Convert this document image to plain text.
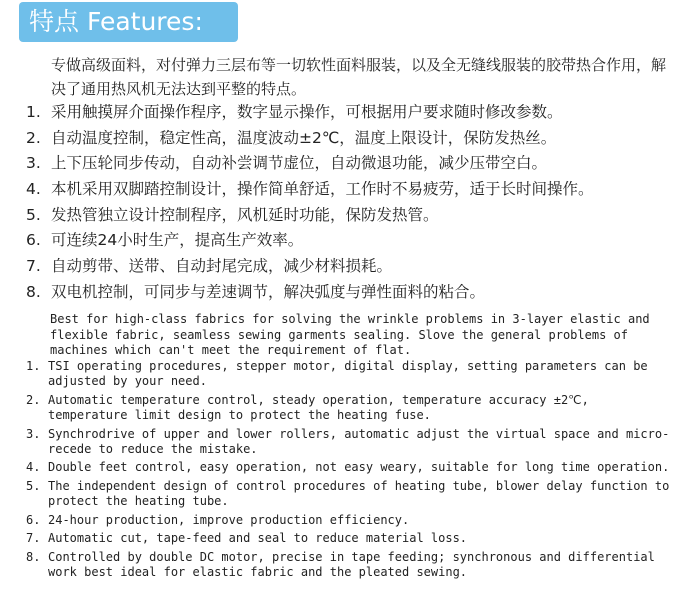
特点 Features:
专做高级面料，对付弹力三层布等一切软性面料服装，以及全无缝线服装的胶带热合作用，解决了通用热风机无法达到平整的特点。
1. 采用触摸屏介面操作程序，数字显示操作，可根据用户要求随时修改参数。
2. 自动温度控制，稳定性高，温度波动±2℃，温度上限设计，保防发热丝。
3. 上下压轮同步传动，自动补尝调节虚位，自动微退功能，减少压带空白。
4. 本机采用双脚踏控制设计，操作简单舒适，工作时不易疲劳，适于长时间操作。
5. 发热管独立设计控制程序，风机延时功能，保防发热管。
6. 可连续24小时生产，提高生产效率。
7. 自动剪带、送带、自动封尾完成，减少材料损耗。
8. 双电机控制，可同步与差速调节，解决弧度与弹性面料的粘合。
Best for high-class fabrics for solving the wrinkle problems in 3-layer elastic and flexible fabric, seamless sewing garments sealing. Slove the general problems of machines which can't meet the requirement of flat.
1. TSI operating procedures, stepper motor, digital display, setting parameters can be adjusted by your need.
2. Automatic temperature control, steady operation, temperature accuracy ±2℃, temperature limit design to protect the heating fuse.
3. Synchrodrive of upper and lower rollers, automatic adjust the virtual space and micro-recede to reduce the mistake.
4. Double feet control, easy operation, not easy weary, suitable for long time operation.
5. The independent design of control procedures of heating tube, blower delay function to protect the heating tube.
6. 24-hour production, improve production efficiency.
7. Automatic cut, tape-feed and seal to reduce material loss.
8. Controlled by double DC motor, precise in tape feeding; synchronous and differential work best ideal for elastic fabric and the pleated sewing.
